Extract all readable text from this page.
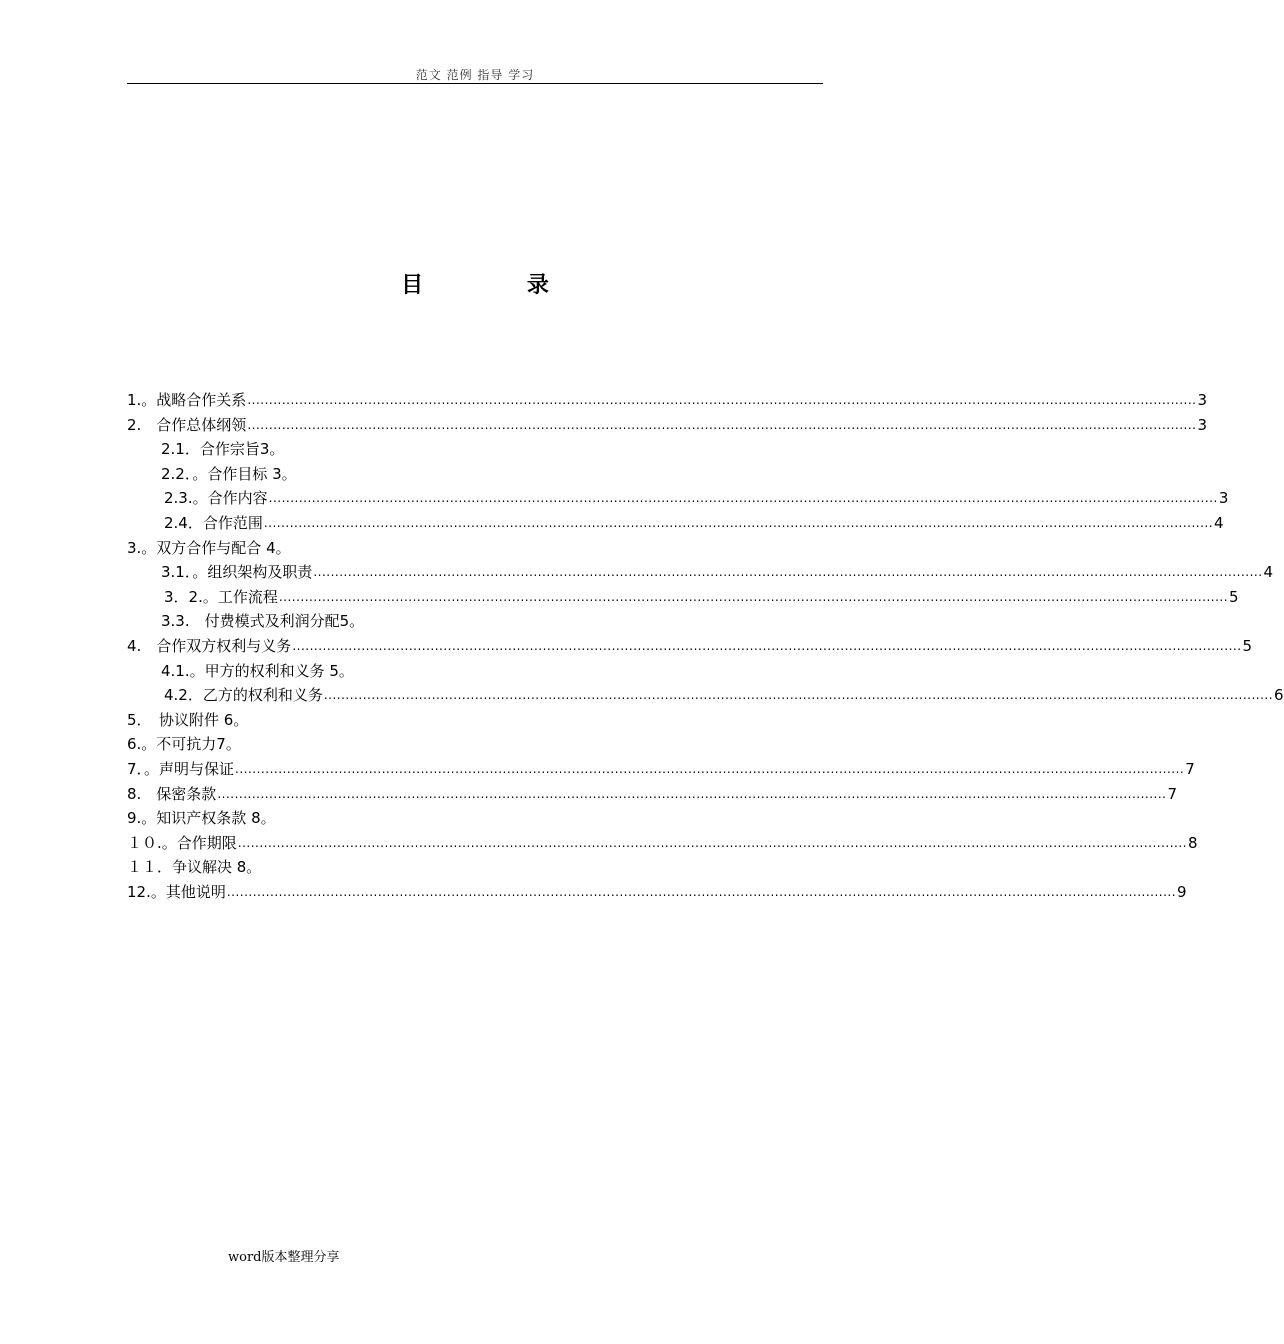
范文 范例 指导 学习
目 录
1.。战略合作关系 ............................................................................................................................................................................................................................ 3
2.　合作总体纲领 ............................................................................................................................................................................................................................ 3
2.1．合作宗旨3。
2.2．。合作目标 3。
2.3.。合作内容 ............................................................................................................................................................................................................................ 3
2.4．合作范围 ............................................................................................................................................................................................................................ 4
3.。双方合作与配合 4。
3.1．。组织架构及职责 ............................................................................................................................................................................................................................ 4
3．2.。工作流程 ............................................................................................................................................................................................................................ 5
3.3.　付费模式及利润分配5。
4.　合作双方权利与义务 ............................................................................................................................................................................................................................ 5
4.1.。甲方的权利和义务 5。
4.2．乙方的权利和义务 ............................................................................................................................................................................................................................ 6
5．　协议附件 6。
6.。不可抗力7。
7．。声明与保证 ............................................................................................................................................................................................................................ 7
8.　保密条款 ............................................................................................................................................................................................................................ 7
9.。知识产权条款 8。
１０.。合作期限 ............................................................................................................................................................................................................................ 8
１１．争议解决 8。
12.。其他说明 ............................................................................................................................................................................................................................ 9
word版本整理分享
